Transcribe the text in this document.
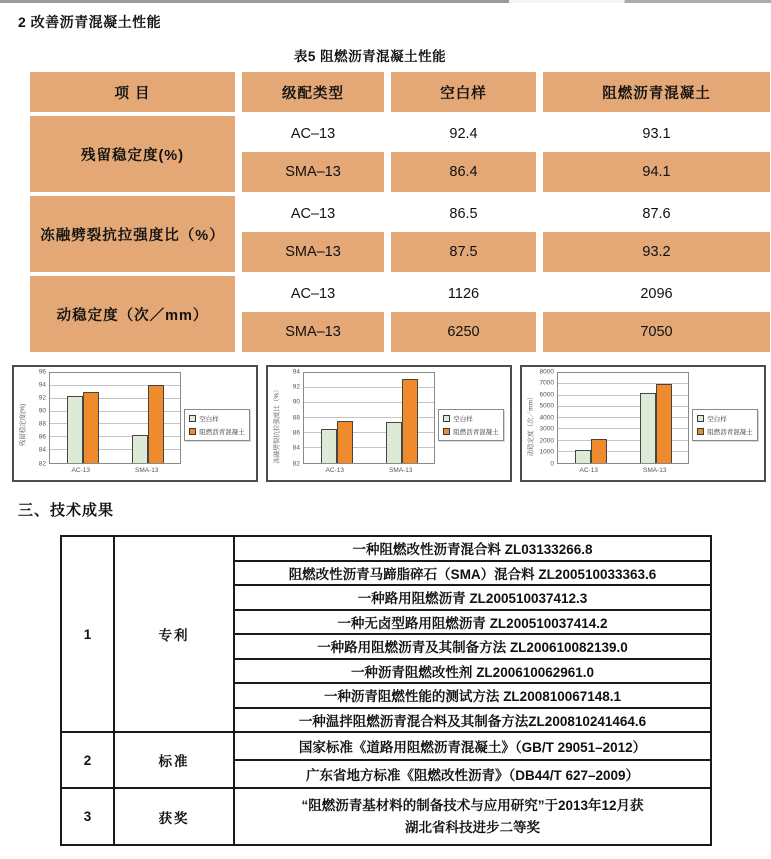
2 改善沥青混凝土性能
表5 阻燃沥青混凝土性能
项 目	级配类型	空白样	阻燃沥青混凝土
残留稳定度(%)
AC–13	92.4	93.1
SMA–13	86.4	94.1
冻融劈裂抗拉强度比（%）
AC–13	86.5	87.6
SMA–13	87.5	93.2
动稳定度（次／mm）
AC–13	1126	2096
SMA–13	6250	7050
残留稳定度(%)
82
84
86
88
90
92
94
96
AC-13	SMA-13
空白样
阻燃沥青混凝土	冻融劈裂抗拉强度比（%）
82
84
86
88
90
92
94
AC-13	SMA-13
空白样
阻燃沥青混凝土	动稳定度（次／mm）
0
1000
2000
3000
4000
5000
6000
7000
8000
AC-13	SMA-13
空白样
阻燃沥青混凝土
三、技术成果
1	专利	一种阻燃改性沥青混合料 ZL03133266.8
		阻燃改性沥青马蹄脂碎石（SMA）混合料 ZL200510033363.6
		一种路用阻燃沥青 ZL200510037412.3
		一种无卤型路用阻燃沥青 ZL200510037414.2
		一种路用阻燃沥青及其制备方法 ZL200610082139.0
		一种沥青阻燃改性剂 ZL200610062961.0
		一种沥青阻燃性能的测试方法 ZL200810067148.1
		一种温拌阻燃沥青混合料及其制备方法ZL200810241464.6
2	标准	国家标准《道路用阻燃沥青混凝土》（GB/T 29051–2012）
		广东省地方标准《阻燃改性沥青》（DB44/T 627–2009）
3	获奖	“阻燃沥青基材料的制备技术与应用研究”于2013年12月获
湖北省科技进步二等奖
